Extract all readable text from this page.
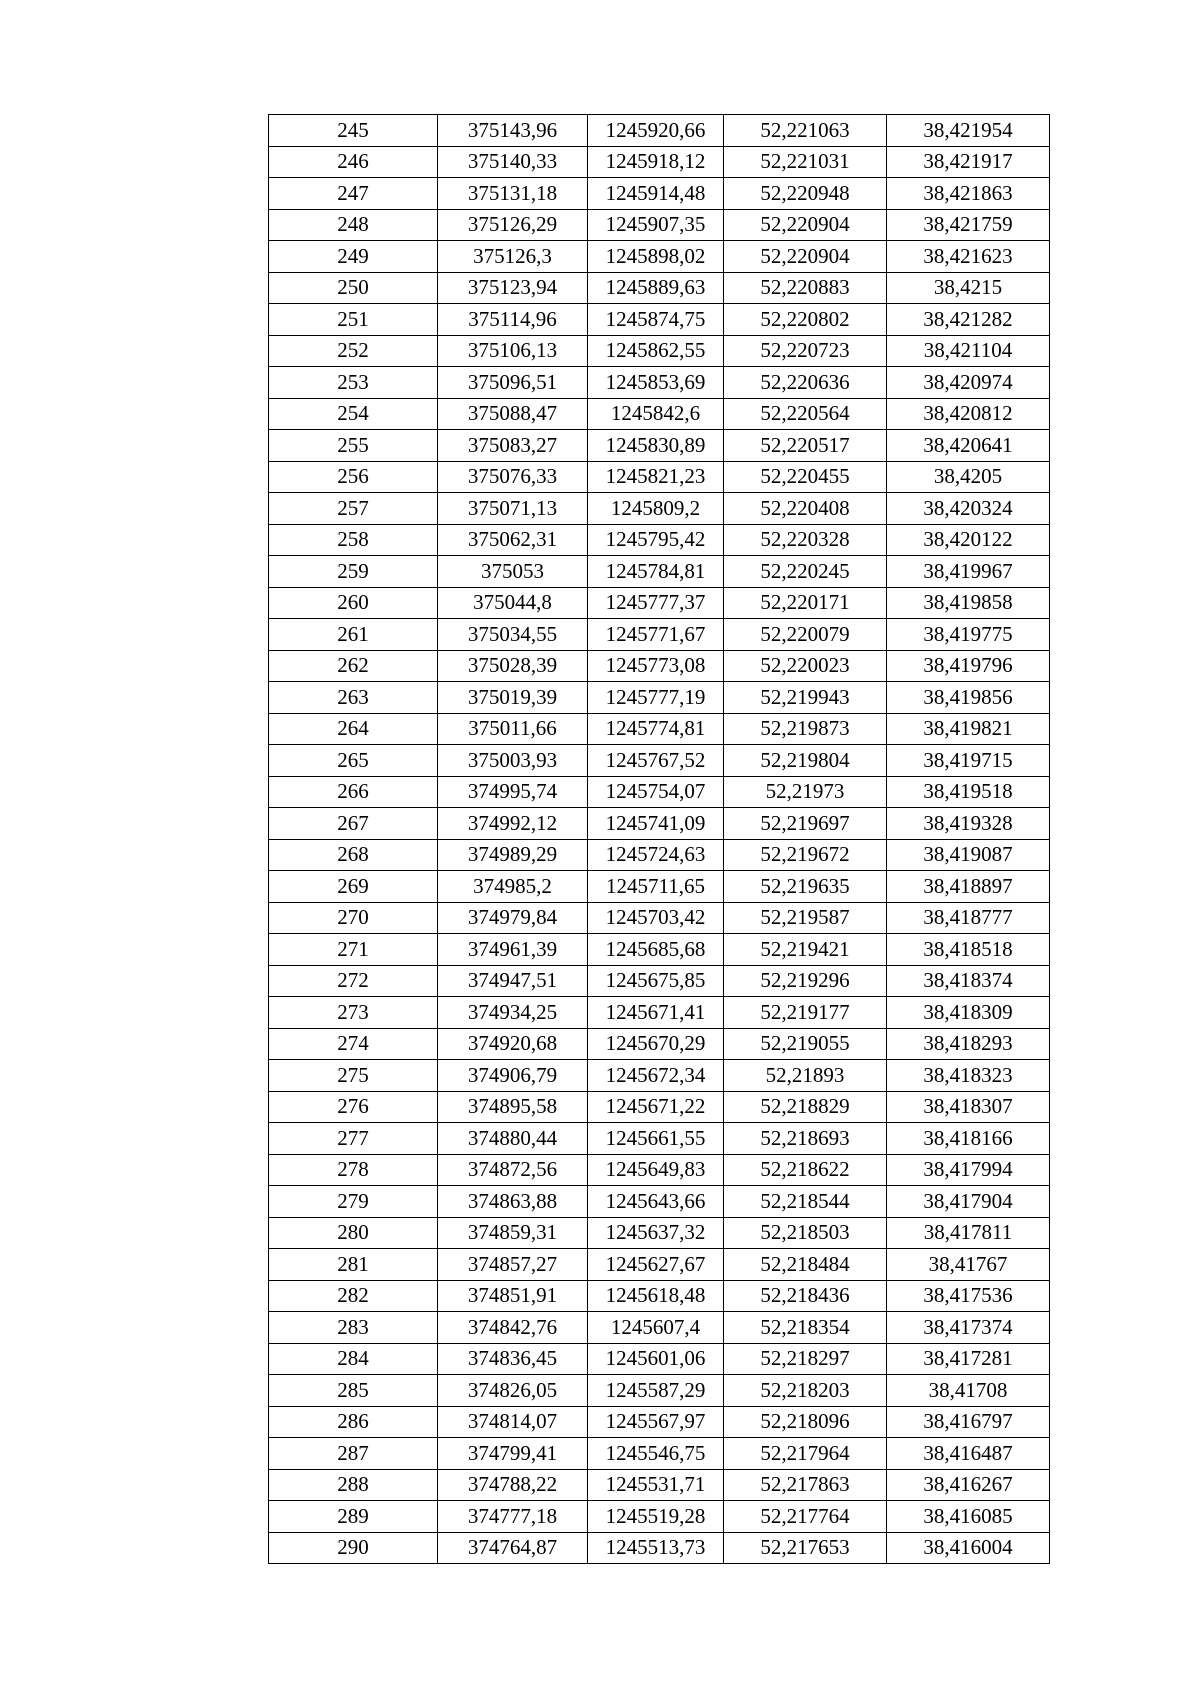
245	375143,96	1245920,66	52,221063	38,421954
246	375140,33	1245918,12	52,221031	38,421917
247	375131,18	1245914,48	52,220948	38,421863
248	375126,29	1245907,35	52,220904	38,421759
249	375126,3	1245898,02	52,220904	38,421623
250	375123,94	1245889,63	52,220883	38,4215
251	375114,96	1245874,75	52,220802	38,421282
252	375106,13	1245862,55	52,220723	38,421104
253	375096,51	1245853,69	52,220636	38,420974
254	375088,47	1245842,6	52,220564	38,420812
255	375083,27	1245830,89	52,220517	38,420641
256	375076,33	1245821,23	52,220455	38,4205
257	375071,13	1245809,2	52,220408	38,420324
258	375062,31	1245795,42	52,220328	38,420122
259	375053	1245784,81	52,220245	38,419967
260	375044,8	1245777,37	52,220171	38,419858
261	375034,55	1245771,67	52,220079	38,419775
262	375028,39	1245773,08	52,220023	38,419796
263	375019,39	1245777,19	52,219943	38,419856
264	375011,66	1245774,81	52,219873	38,419821
265	375003,93	1245767,52	52,219804	38,419715
266	374995,74	1245754,07	52,21973	38,419518
267	374992,12	1245741,09	52,219697	38,419328
268	374989,29	1245724,63	52,219672	38,419087
269	374985,2	1245711,65	52,219635	38,418897
270	374979,84	1245703,42	52,219587	38,418777
271	374961,39	1245685,68	52,219421	38,418518
272	374947,51	1245675,85	52,219296	38,418374
273	374934,25	1245671,41	52,219177	38,418309
274	374920,68	1245670,29	52,219055	38,418293
275	374906,79	1245672,34	52,21893	38,418323
276	374895,58	1245671,22	52,218829	38,418307
277	374880,44	1245661,55	52,218693	38,418166
278	374872,56	1245649,83	52,218622	38,417994
279	374863,88	1245643,66	52,218544	38,417904
280	374859,31	1245637,32	52,218503	38,417811
281	374857,27	1245627,67	52,218484	38,41767
282	374851,91	1245618,48	52,218436	38,417536
283	374842,76	1245607,4	52,218354	38,417374
284	374836,45	1245601,06	52,218297	38,417281
285	374826,05	1245587,29	52,218203	38,41708
286	374814,07	1245567,97	52,218096	38,416797
287	374799,41	1245546,75	52,217964	38,416487
288	374788,22	1245531,71	52,217863	38,416267
289	374777,18	1245519,28	52,217764	38,416085
290	374764,87	1245513,73	52,217653	38,416004
